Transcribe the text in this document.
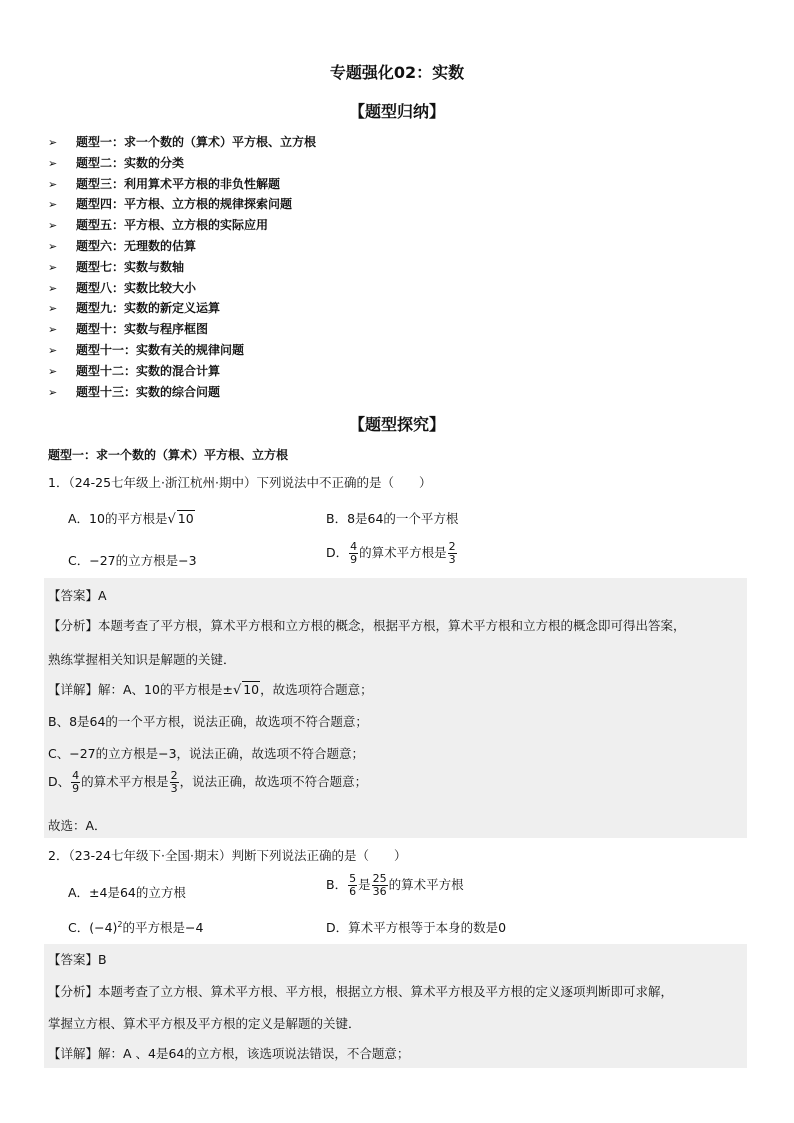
专题强化02：实数
【题型归纳】
➢ 题型一：求一个数的（算术）平方根、立方根
➢ 题型二：实数的分类
➢ 题型三：利用算术平方根的非负性解题
➢ 题型四：平方根、立方根的规律探索问题
➢ 题型五：平方根、立方根的实际应用
➢ 题型六：无理数的估算
➢ 题型七：实数与数轴
➢ 题型八：实数比较大小
➢ 题型九：实数的新定义运算
➢ 题型十：实数与程序框图
➢ 题型十一：实数有关的规律问题
➢ 题型十二：实数的混合计算
➢ 题型十三：实数的综合问题
【题型探究】
题型一：求一个数的（算术）平方根、立方根
1．（24-25七年级上·浙江杭州·期中）下列说法中不正确的是（　　）
A．10的平方根是√ 10	B．8是64的一个平方根
C．−27的立方根是−3
D． $\frac{4}{9}$ 的算术平方根是 $\frac{2}{3}$
【答案】A
【分析】本题考查了平方根，算术平方根和立方根的概念，根据平方根，算术平方根和立方根的概念即可得出答案，
熟练掌握相关知识是解题的关键．
【详解】解：A、10的平方根是±√ 10，故选项符合题意；
B、8是64的一个平方根，说法正确，故选项不符合题意；
C、−27的立方根是−3，说法正确，故选项不符合题意；
D、 $\frac{4}{9}$ 的算术平方根是 $\frac{2}{3}$ ，说法正确，故选项不符合题意；
故选：A．
2．（23-24七年级下·全国·期末）判断下列说法正确的是（　　）
A．±4是64的立方根
B． $\frac{5}{6}$ 是 $\frac{25}{36}$ 的算术平方根
C．$(-4)^2$的平方根是−4	D．算术平方根等于本身的数是0
【答案】B
【分析】本题考查了立方根、算术平方根、平方根，根据立方根、算术平方根及平方根的定义逐项判断即可求解，
掌握立方根、算术平方根及平方根的定义是解题的关键．
【详解】解：A 、4是64的立方根，该选项说法错误，不合题意；
